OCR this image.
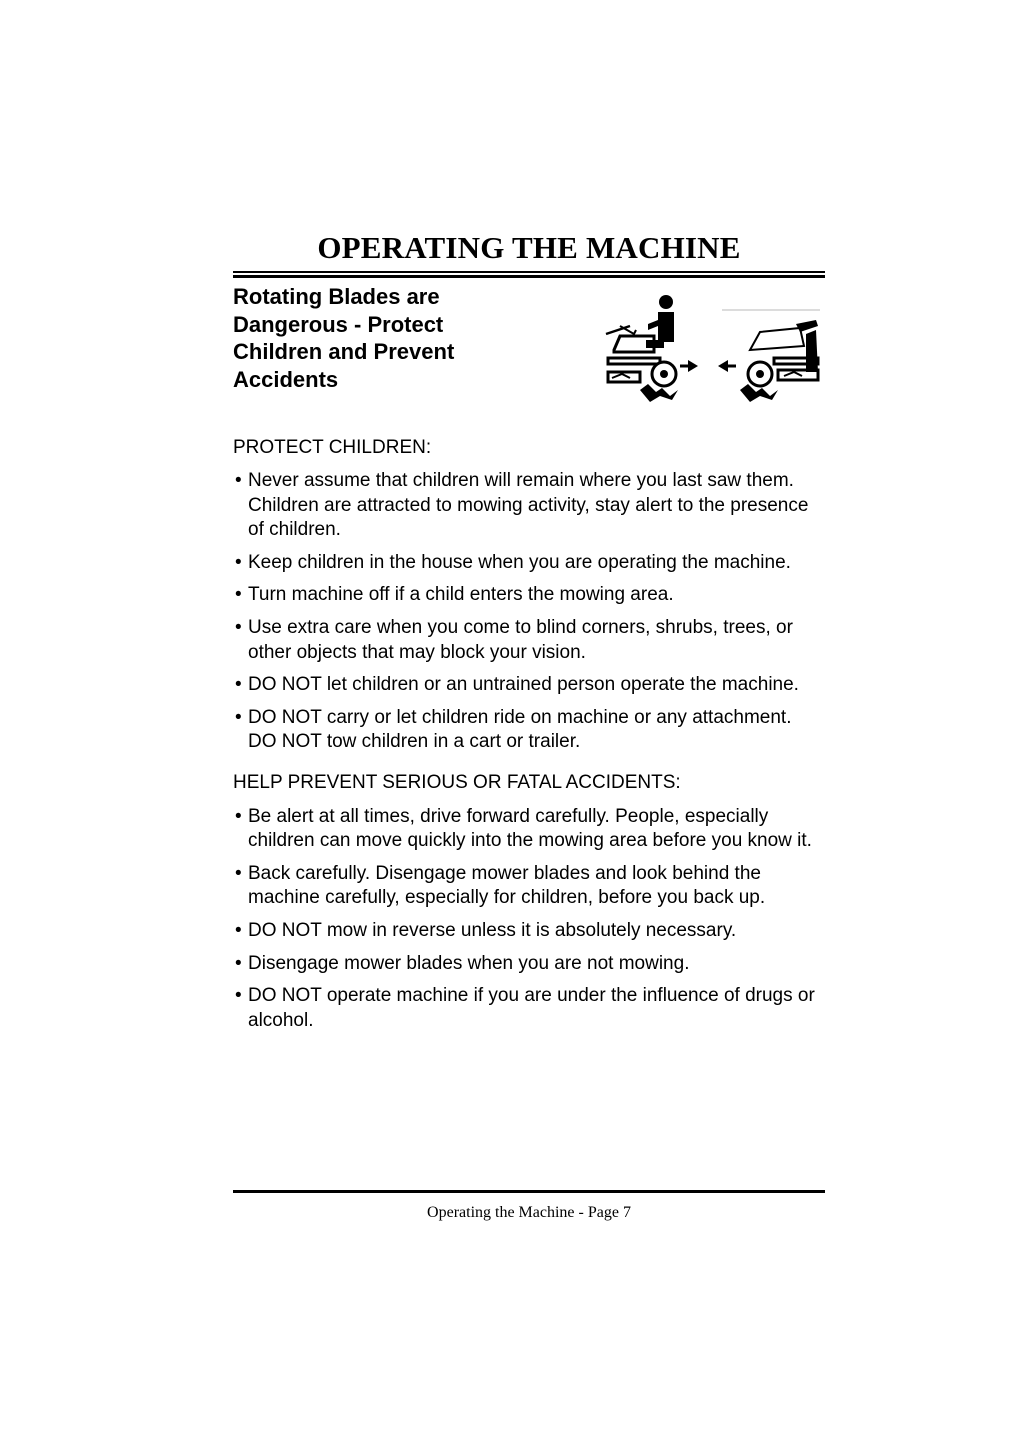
OPERATING THE MACHINE
Rotating Blades are
Dangerous - Protect
Children and Prevent
Accidents

PROTECT CHILDREN:

• Never assume that children will remain where you last saw them. Children are attracted to mowing activity, stay alert to the presence of children.
• Keep children in the house when you are operating the machine.
• Turn machine off if a child enters the mowing area.
• Use extra care when you come to blind corners, shrubs, trees, or other objects that may block your vision.
• DO NOT let children or an untrained person operate the machine.
• DO NOT carry or let children ride on machine or any attachment. DO NOT tow children in a cart or trailer.

HELP PREVENT SERIOUS OR FATAL ACCIDENTS:

• Be alert at all times, drive forward carefully. People, especially children can move quickly into the mowing area before you know it.
• Back carefully. Disengage mower blades and look behind the machine carefully, especially for children, before you back up.
• DO NOT mow in reverse unless it is absolutely necessary.
• Disengage mower blades when you are not mowing.
• DO NOT operate machine if you are under the influence of drugs or alcohol.
Operating the Machine - Page 7
